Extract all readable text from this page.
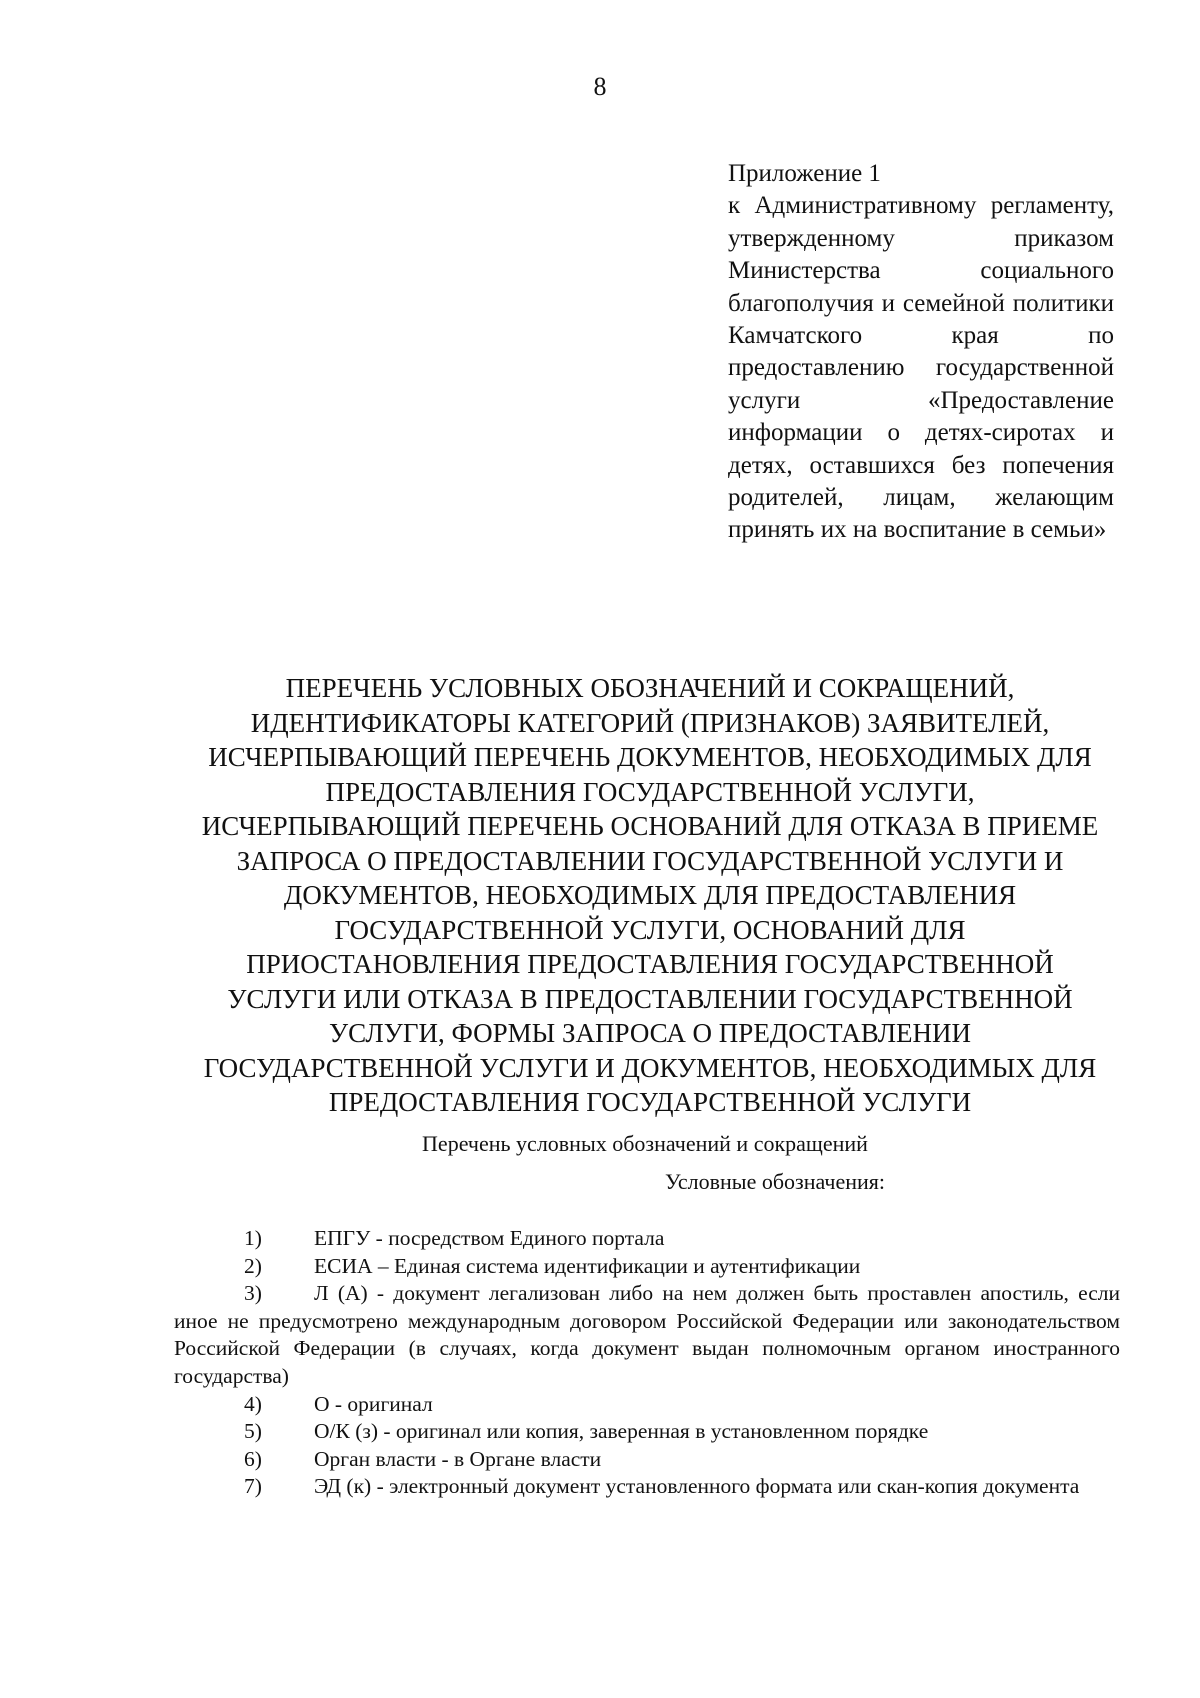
8
Приложение 1
к Административному регламенту, утвержденному приказом Министерства социального благополучия и семейной политики Камчатского края по предоставлению государственной услуги «Предоставление информации о детях-сиротах и детях, оставшихся без попечения родителей, лицам, желающим принять их на воспитание в семьи»
ПЕРЕЧЕНЬ УСЛОВНЫХ ОБОЗНАЧЕНИЙ И СОКРАЩЕНИЙ,
ИДЕНТИФИКАТОРЫ КАТЕГОРИЙ (ПРИЗНАКОВ) ЗАЯВИТЕЛЕЙ,
ИСЧЕРПЫВАЮЩИЙ ПЕРЕЧЕНЬ ДОКУМЕНТОВ, НЕОБХОДИМЫХ ДЛЯ
ПРЕДОСТАВЛЕНИЯ ГОСУДАРСТВЕННОЙ УСЛУГИ,
ИСЧЕРПЫВАЮЩИЙ ПЕРЕЧЕНЬ ОСНОВАНИЙ ДЛЯ ОТКАЗА В ПРИЕМЕ
ЗАПРОСА О ПРЕДОСТАВЛЕНИИ ГОСУДАРСТВЕННОЙ УСЛУГИ И
ДОКУМЕНТОВ, НЕОБХОДИМЫХ ДЛЯ ПРЕДОСТАВЛЕНИЯ
ГОСУДАРСТВЕННОЙ УСЛУГИ, ОСНОВАНИЙ ДЛЯ
ПРИОСТАНОВЛЕНИЯ ПРЕДОСТАВЛЕНИЯ ГОСУДАРСТВЕННОЙ
УСЛУГИ ИЛИ ОТКАЗА В ПРЕДОСТАВЛЕНИИ ГОСУДАРСТВЕННОЙ
УСЛУГИ, ФОРМЫ ЗАПРОСА О ПРЕДОСТАВЛЕНИИ
ГОСУДАРСТВЕННОЙ УСЛУГИ И ДОКУМЕНТОВ, НЕОБХОДИМЫХ ДЛЯ
ПРЕДОСТАВЛЕНИЯ ГОСУДАРСТВЕННОЙ УСЛУГИ
Перечень условных обозначений и сокращений
Условные обозначения:
1) ЕПГУ - посредством Единого портала
2) ЕСИА – Единая система идентификации и аутентификации
3) Л (А) - документ легализован либо на нем должен быть проставлен апостиль, если иное не предусмотрено международным договором Российской Федерации или законодательством Российской Федерации (в случаях, когда документ выдан полномочным органом иностранного государства)
4) О - оригинал
5) О/К (з) - оригинал или копия, заверенная в установленном порядке
6) Орган власти - в Органе власти
7) ЭД (к) - электронный документ установленного формата или скан-копия документа
